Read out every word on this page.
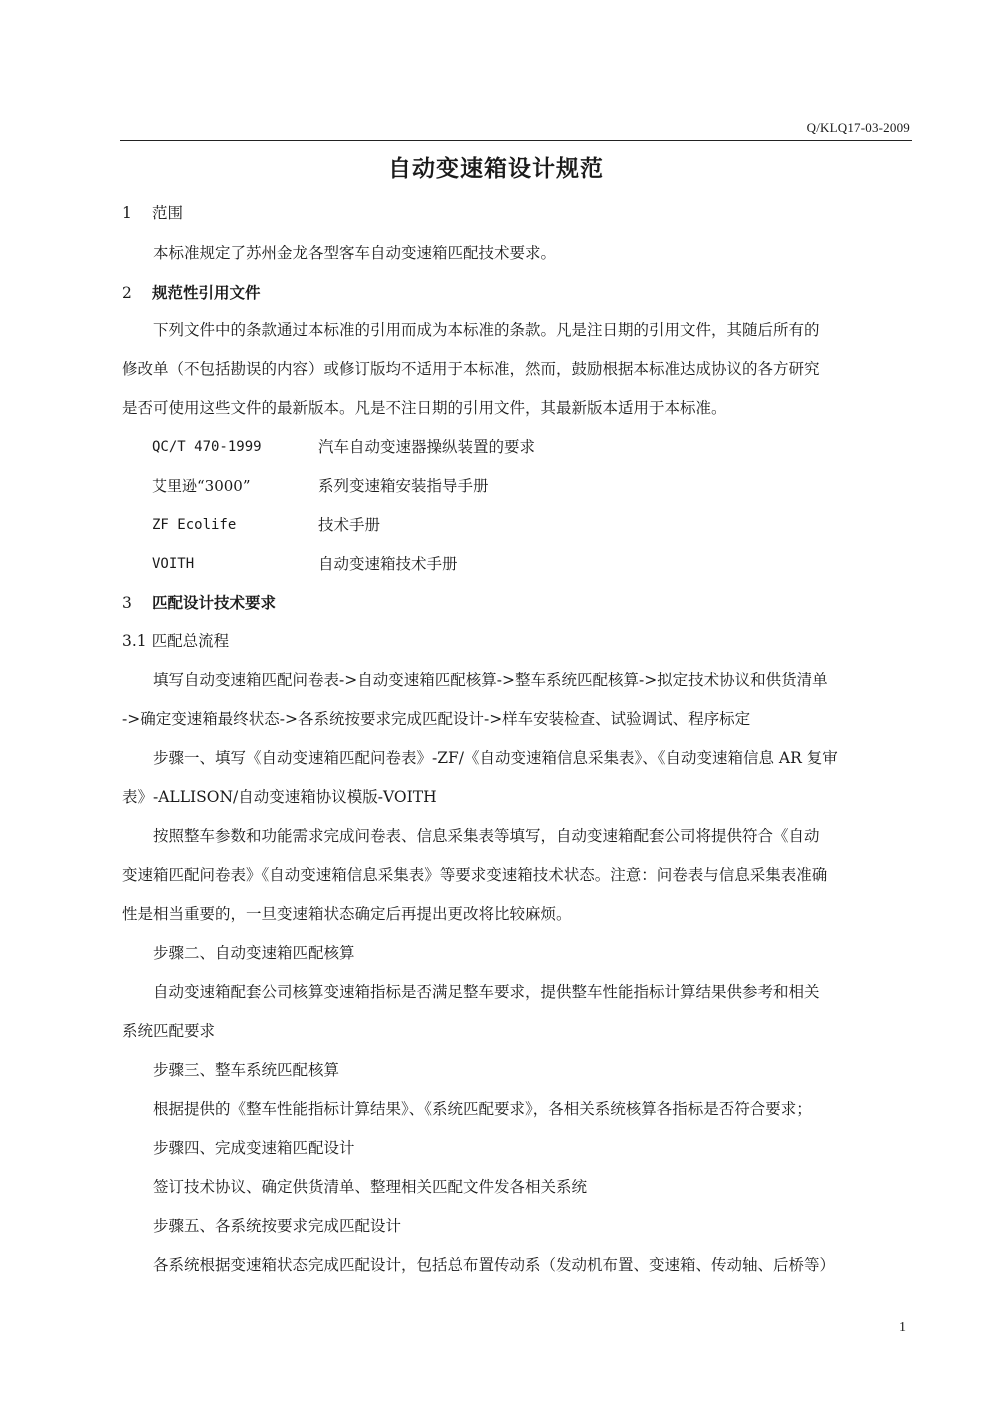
Q/KLQ17-03-2009
自动变速箱设计规范
1 范围
本标准规定了苏州金龙各型客车自动变速箱匹配技术要求。
2 规范性引用文件
下列文件中的条款通过本标准的引用而成为本标准的条款。凡是注日期的引用文件，其随后所有的
修改单（不包括勘误的内容）或修订版均不适用于本标准，然而，鼓励根据本标准达成协议的各方研究
是否可使用这些文件的最新版本。凡是不注日期的引用文件，其最新版本适用于本标准。
QC/T 470-1999	汽车自动变速器操纵装置的要求
艾里逊“3000”	系列变速箱安装指导手册
ZF Ecolife	技术手册
VOITH	自动变速箱技术手册
3 匹配设计技术要求
3.1 匹配总流程
填写自动变速箱匹配问卷表->自动变速箱匹配核算->整车系统匹配核算->拟定技术协议和供货清单
->确定变速箱最终状态->各系统按要求完成匹配设计->样车安装检查、试验调试、程序标定
步骤一、填写《自动变速箱匹配问卷表》-ZF/《自动变速箱信息采集表》、《自动变速箱信息 AR 复审
表》-ALLISON/自动变速箱协议模版-VOITH
按照整车参数和功能需求完成问卷表、信息采集表等填写，自动变速箱配套公司将提供符合《自动
变速箱匹配问卷表》《自动变速箱信息采集表》等要求变速箱技术状态。注意：问卷表与信息采集表准确
性是相当重要的，一旦变速箱状态确定后再提出更改将比较麻烦。
步骤二、自动变速箱匹配核算
自动变速箱配套公司核算变速箱指标是否满足整车要求，提供整车性能指标计算结果供参考和相关
系统匹配要求
步骤三、整车系统匹配核算
根据提供的《整车性能指标计算结果》、《系统匹配要求》，各相关系统核算各指标是否符合要求；
步骤四、完成变速箱匹配设计
签订技术协议、确定供货清单、整理相关匹配文件发各相关系统
步骤五、各系统按要求完成匹配设计
各系统根据变速箱状态完成匹配设计，包括总布置传动系（发动机布置、变速箱、传动轴、后桥等）
1
